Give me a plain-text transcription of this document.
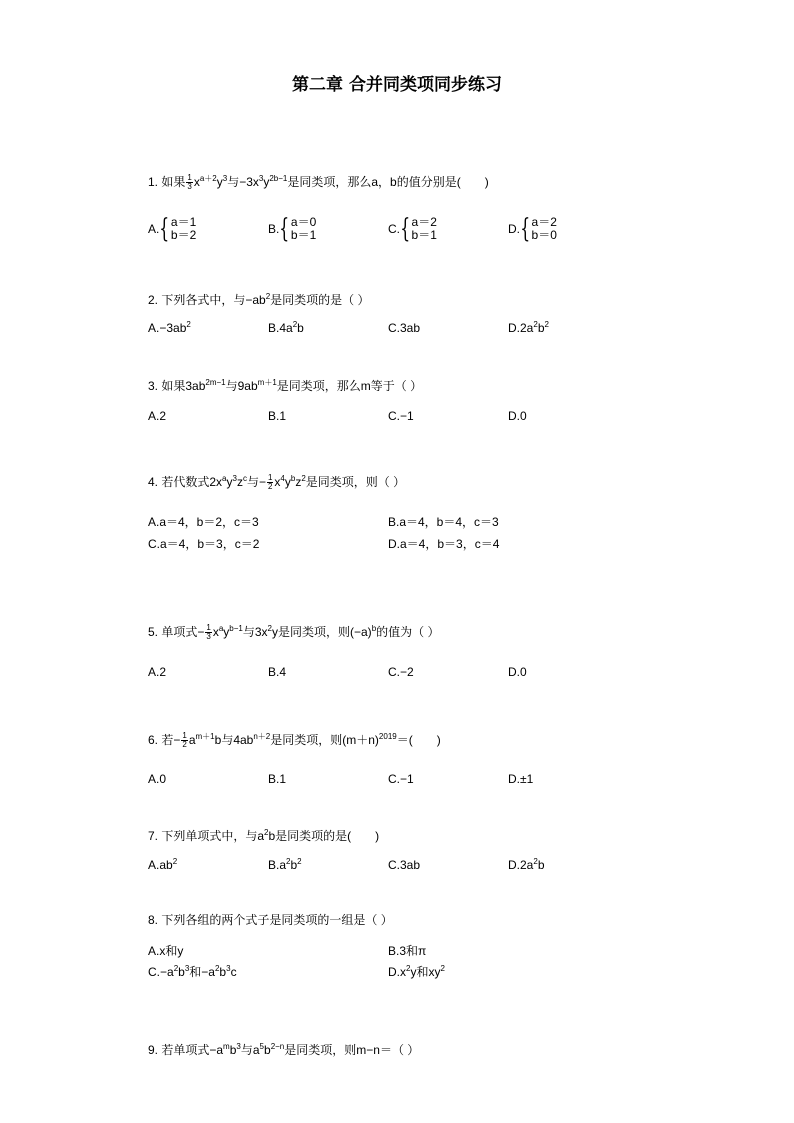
第二章 合并同类项同步练习
1. 如果 $\frac{1}{3} x^{a+2}y^3$与$-3x^3y^{2b-1}$是同类项，那么a，b的值分别是(　　)
A. { a＝1
b＝2	B. { a＝0
b＝1	C. { a＝2
b＝1	D. { a＝2
b＝0
2. 下列各式中，与$-ab^2$是同类项的是（ ）
$A.-3ab^2$	$B.4a^2b$	C.3ab	$D.2a^2b^2$
3. 如果$3ab^{2m-1}$与$9ab^{m+1}$是同类项，那么m等于（ ）
A.2	B.1	C.−1	D.0
4. 若代数式$2x^ay^3z^c$与− $\frac{1}{2} x^4y^bz^2$是同类项，则（ ）
A.a＝4，b＝2，c＝3	B.a＝4，b＝4，c＝3
C.a＝4，b＝3，c＝2	D.a＝4，b＝3，c＝4
5. 单项式− $\frac{1}{3} x^ay^{b-1}$与$3x^2y$是同类项，则$(-a)^b$的值为（ ）
A.2	B.4	C.−2	D.0
6. 若− $\frac{1}{2} a^{m+1}b$与$4ab^{n+2}$是同类项，则$(m+n)^{2019}=$(　　)
A.0	B.1	C.−1	D.±1
7. 下列单项式中，与$a^2b$是同类项的是(　　)
$A.ab^2$	$B.a^2b^2$	C.3ab	$D.2a^2b$
8. 下列各组的两个式子是同类项的一组是（ ）
A.x和y	B.3和π
$C.-a^2b^3$和$-a^2b^3c$	$D.x^2y$和$xy^2$
9. 若单项式$-a^mb^3$与$a^5b^{2-n}$是同类项，则m−n＝（ ）
